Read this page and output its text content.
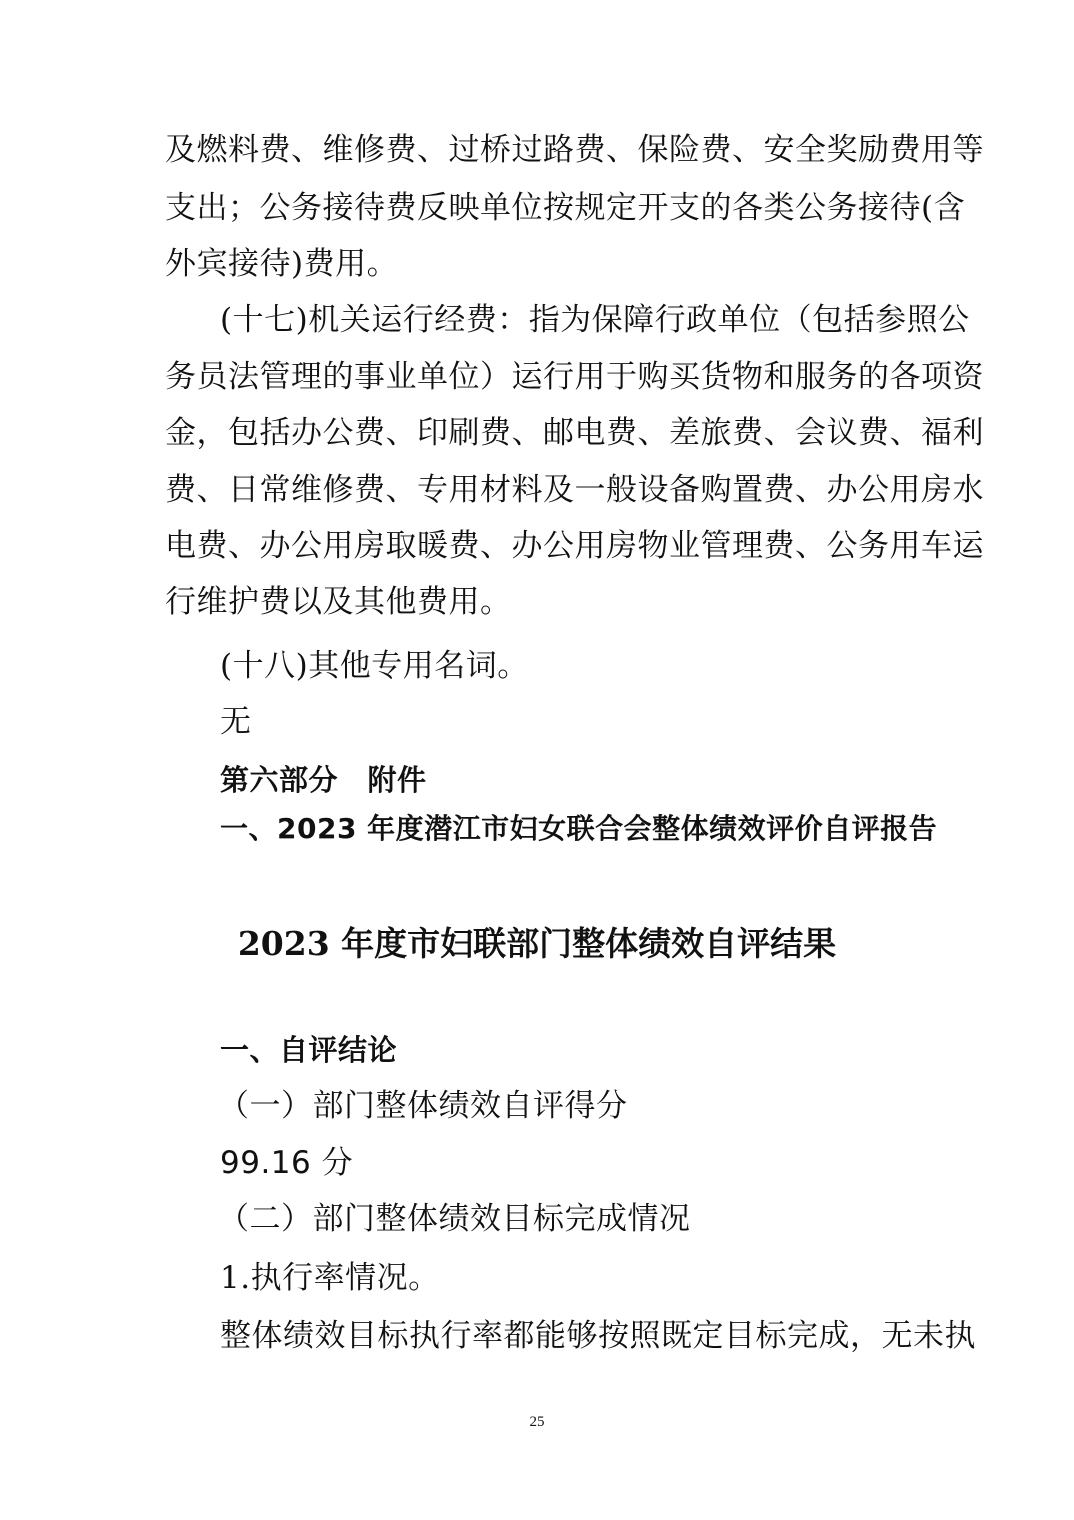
及燃料费、维修费、过桥过路费、保险费、安全奖励费用等
支出；公务接待费反映单位按规定开支的各类公务接待(含
外宾接待)费用。
(十七)机关运行经费：指为保障行政单位（包括参照公
务员法管理的事业单位）运行用于购买货物和服务的各项资
金，包括办公费、印刷费、邮电费、差旅费、会议费、福利
费、日常维修费、专用材料及一般设备购置费、办公用房水
电费、办公用房取暖费、办公用房物业管理费、公务用车运
行维护费以及其他费用。
(十八)其他专用名词。
无
第六部分　附件
一、2023 年度潜江市妇女联合会整体绩效评价自评报告
2023 年度市妇联部门整体绩效自评结果
一、自评结论
（一）部门整体绩效自评得分
99.16 分
（二）部门整体绩效目标完成情况
1.执行率情况。
整体绩效目标执行率都能够按照既定目标完成，无未执
25
